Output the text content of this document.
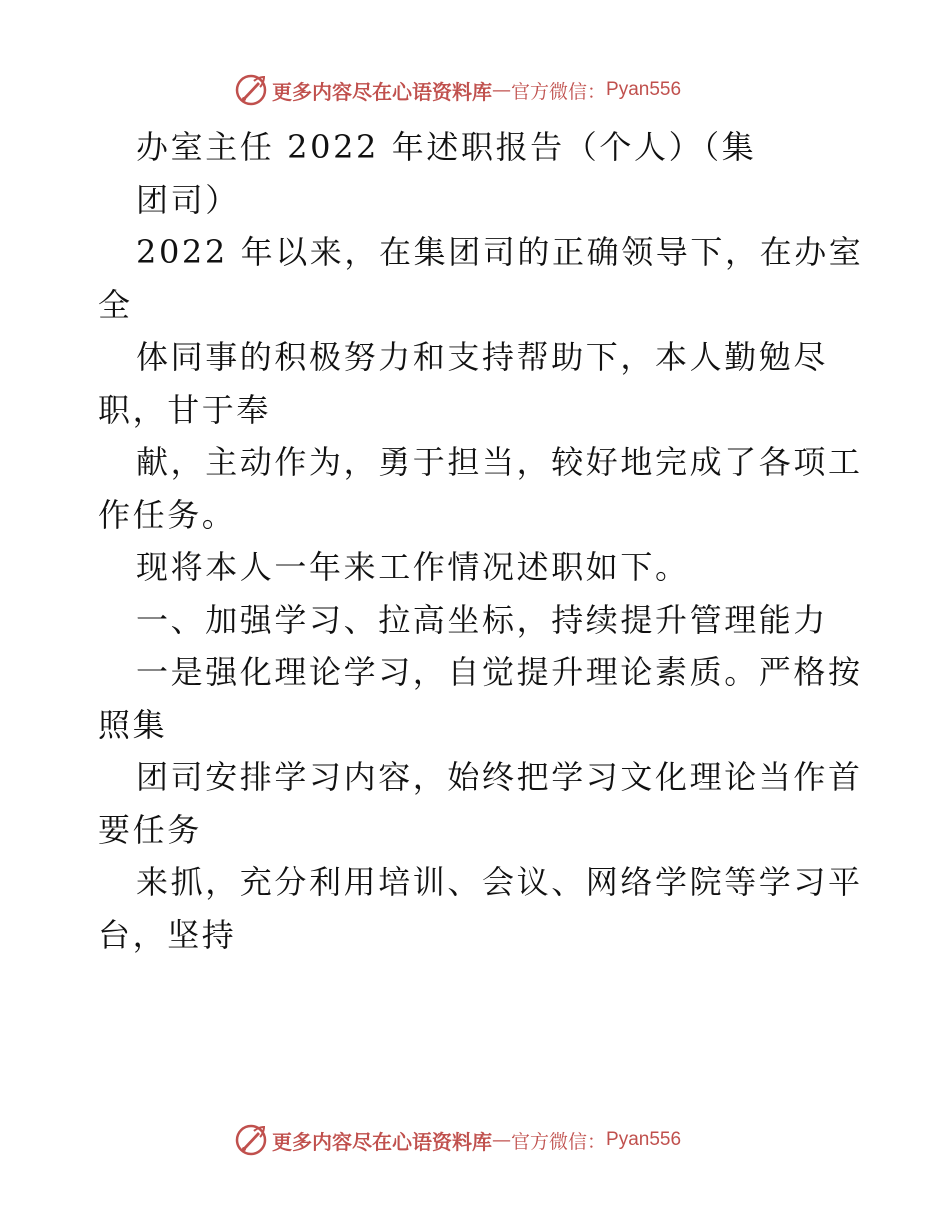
更多内容尽在心语资料库 — 官方微信： Pyan556
办室主任 2022 年述职报告（个人）（集
团司）
2022 年以来，在集团司的正确领导下，在办室
全
体同事的积极努力和支持帮助下，本人勤勉尽
职，甘于奉
献，主动作为，勇于担当，较好地完成了各项工
作任务。
现将本人一年来工作情况述职如下。
一、加强学习、拉高坐标，持续提升管理能力
一是强化理论学习，自觉提升理论素质。严格按
照集
团司安排学习内容，始终把学习文化理论当作首
要任务
来抓，充分利用培训、会议、网络学院等学习平
台，坚持
更多内容尽在心语资料库 — 官方微信： Pyan556
